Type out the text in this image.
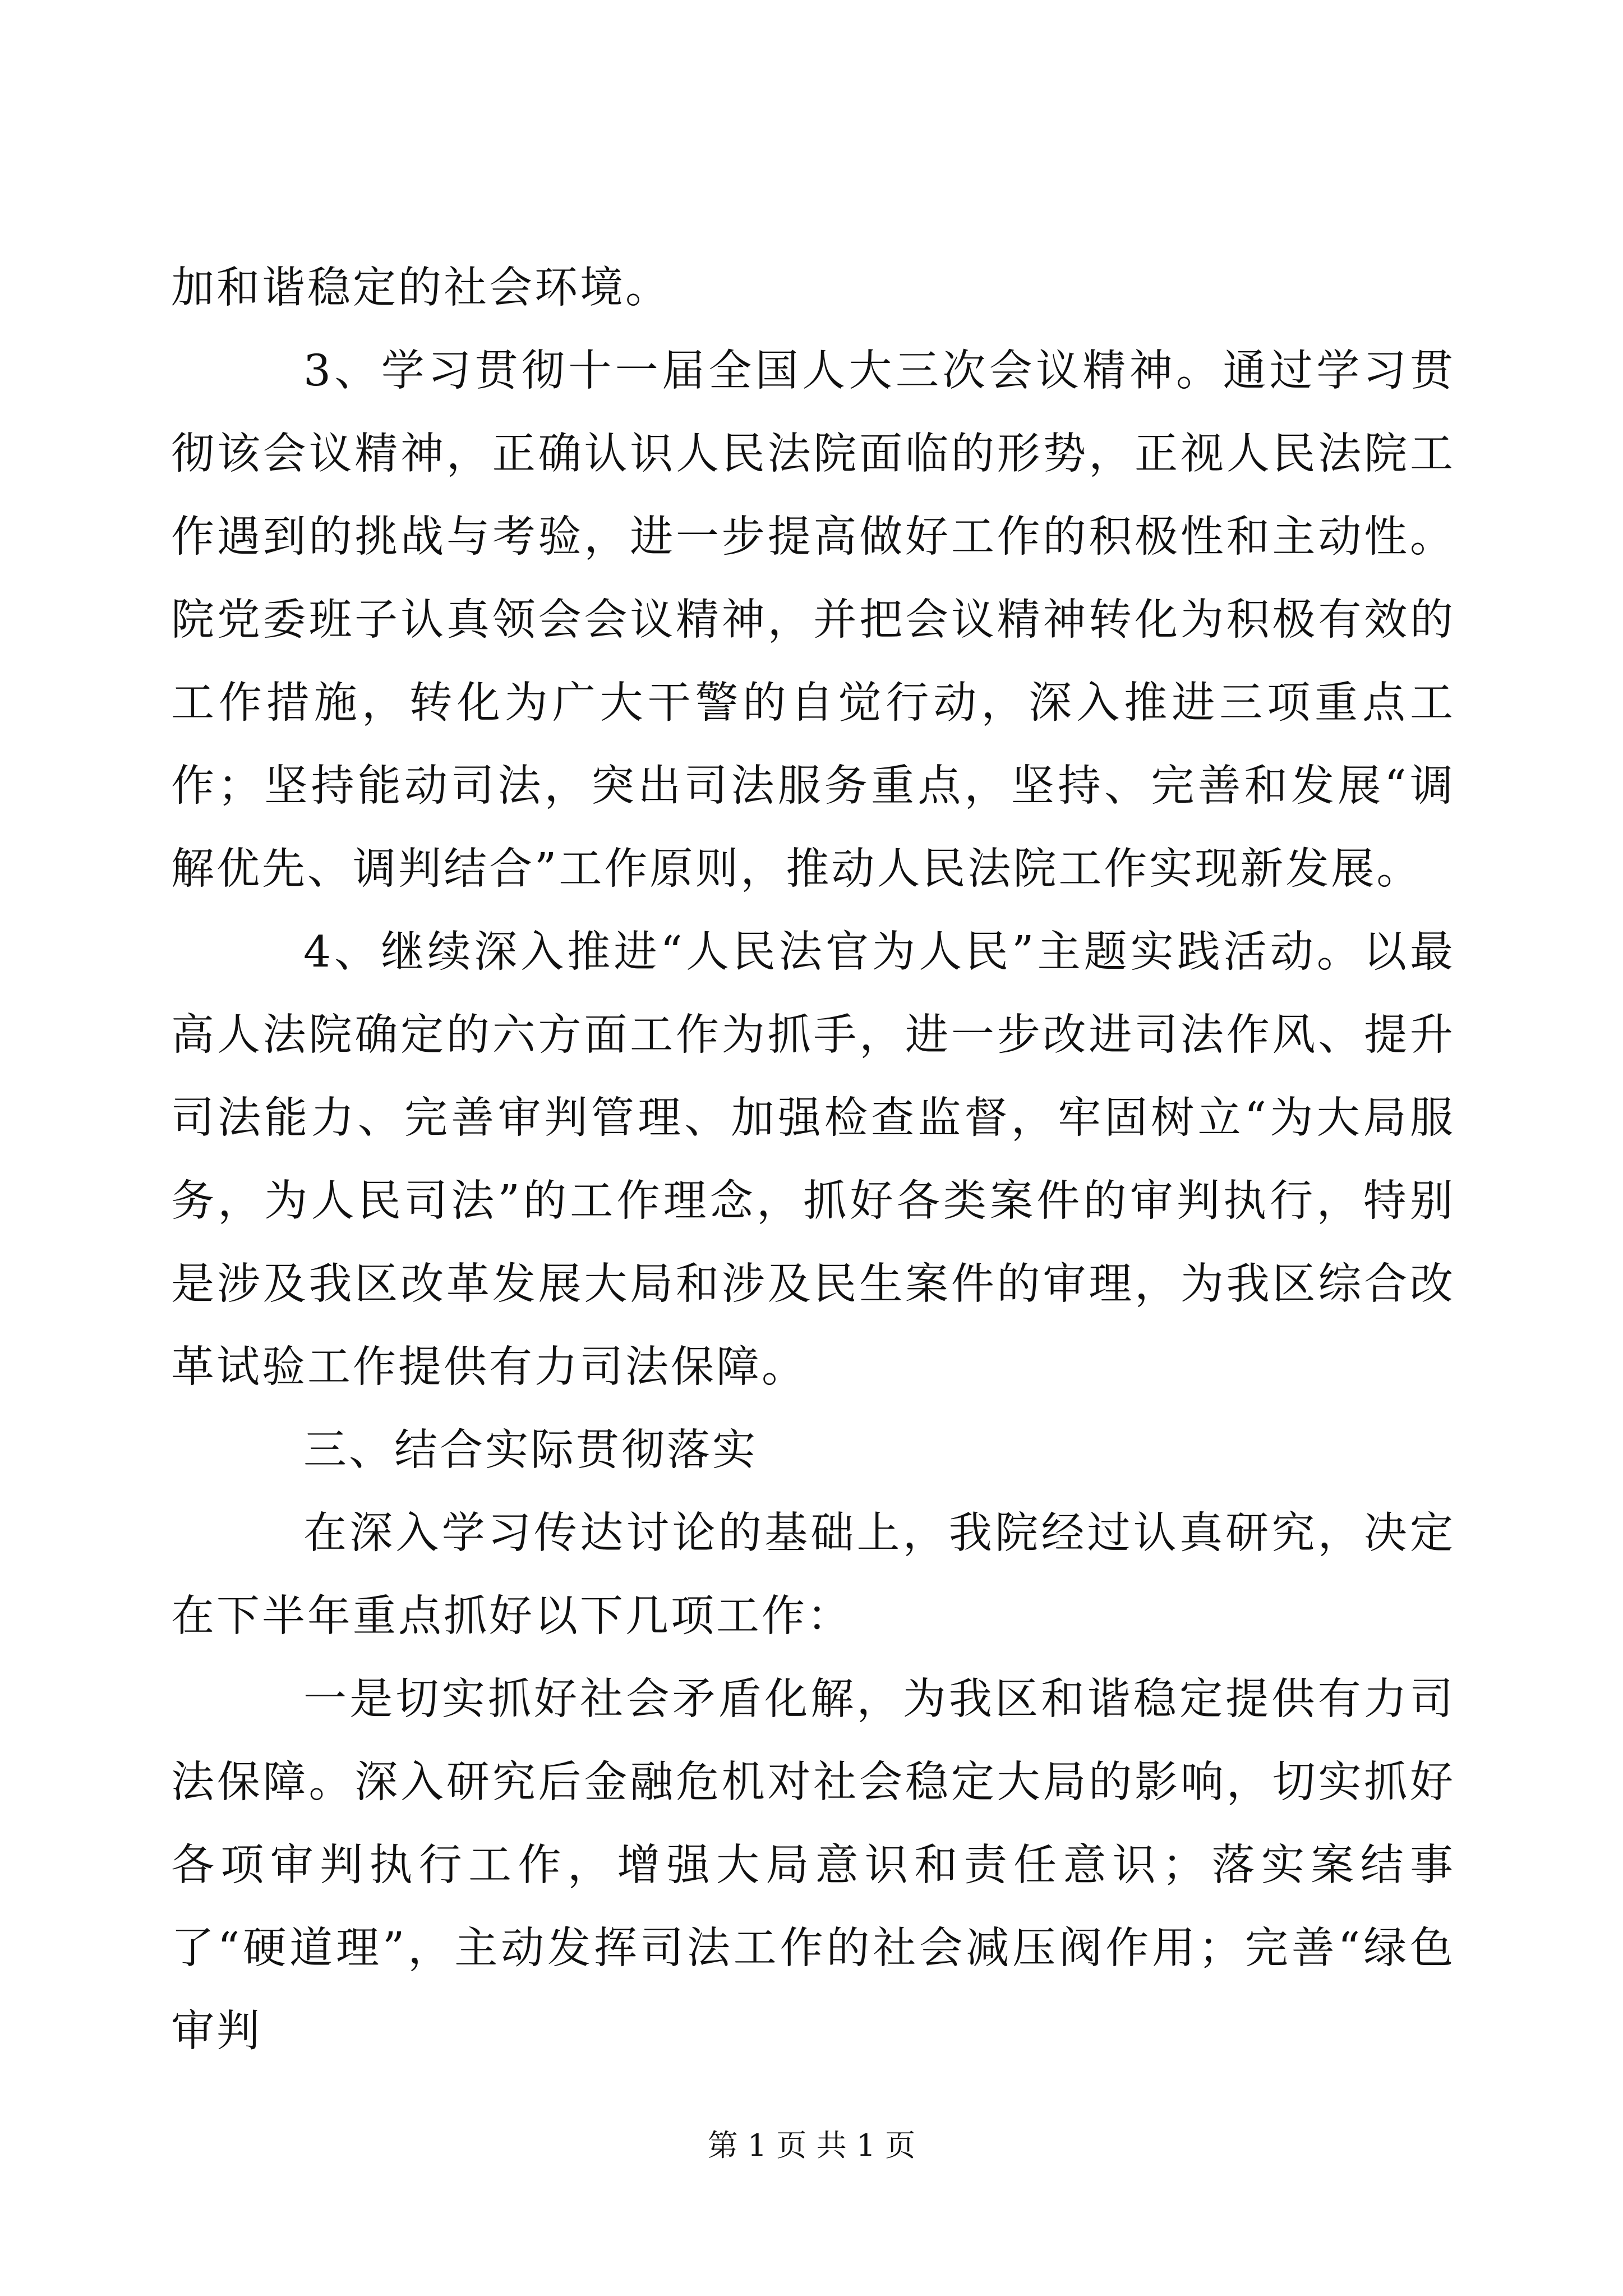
加和谐稳定的社会环境。

3、学习贯彻十一届全国人大三次会议精神。通过学习贯彻该会议精神，正确认识人民法院面临的形势，正视人民法院工作遇到的挑战与考验，进一步提高做好工作的积极性和主动性。院党委班子认真领会会议精神，并把会议精神转化为积极有效的工作措施，转化为广大干警的自觉行动，深入推进三项重点工作；坚持能动司法，突出司法服务重点，坚持、完善和发展“调解优先、调判结合”工作原则，推动人民法院工作实现新发展。

4、继续深入推进“人民法官为人民”主题实践活动。以最高人法院确定的六方面工作为抓手，进一步改进司法作风、提升司法能力、完善审判管理、加强检查监督，牢固树立“为大局服务，为人民司法”的工作理念，抓好各类案件的审判执行，特别是涉及我区改革发展大局和涉及民生案件的审理，为我区综合改革试验工作提供有力司法保障。

三、结合实际贯彻落实

在深入学习传达讨论的基础上，我院经过认真研究，决定在下半年重点抓好以下几项工作：

一是切实抓好社会矛盾化解，为我区和谐稳定提供有力司法保障。深入研究后金融危机对社会稳定大局的影响，切实抓好各项审判执行工作，增强大局意识和责任意识；落实案结事了“硬道理”，主动发挥司法工作的社会减压阀作用；完善“绿色审判

第 1 页 共 1 页
